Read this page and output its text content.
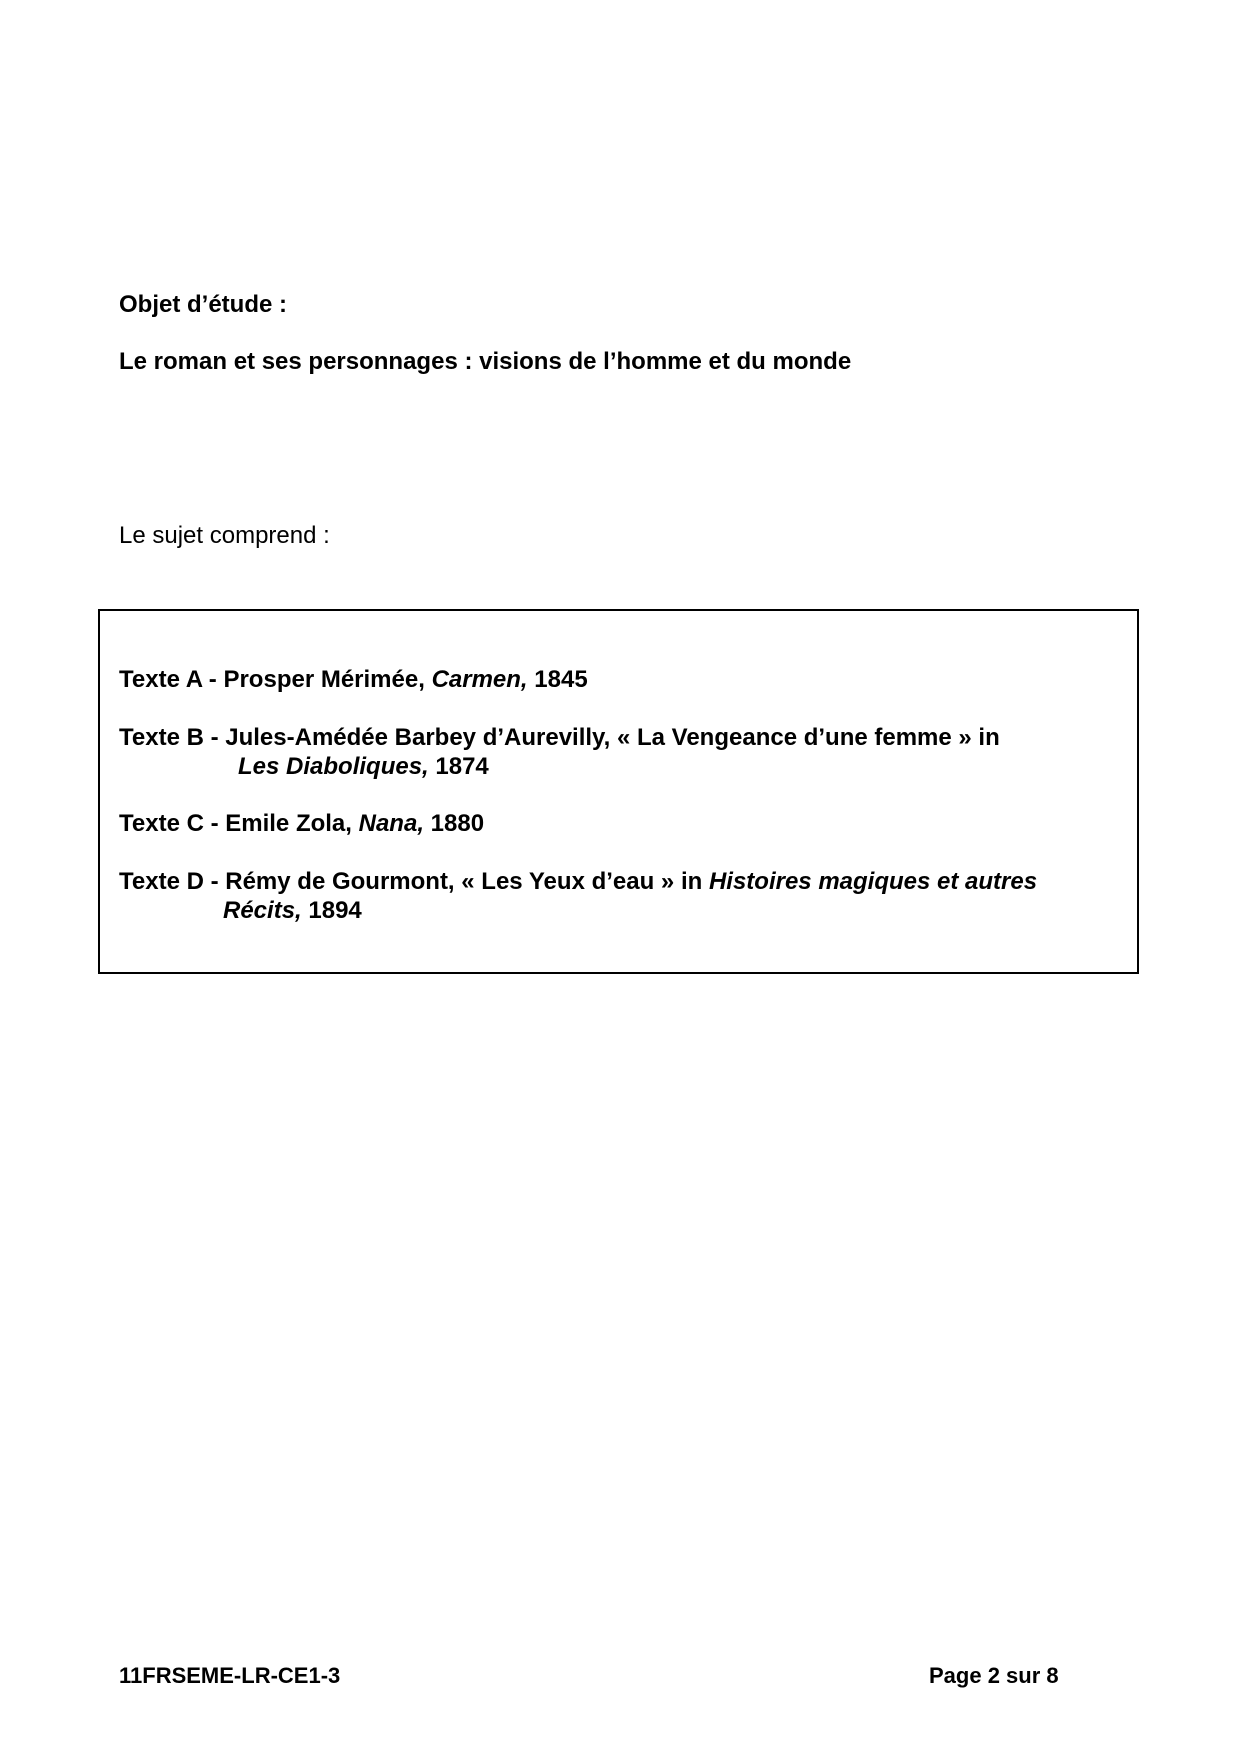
Objet d’étude :
Le roman et ses personnages : visions de l’homme et du monde
Le sujet comprend :
Texte A - Prosper Mérimée, Carmen, 1845
Texte B - Jules-Amédée Barbey d’Aurevilly, « La Vengeance d’une femme » in
Les Diaboliques, 1874
Texte C - Emile Zola, Nana, 1880
Texte D - Rémy de Gourmont, « Les Yeux d’eau » in Histoires magiques et autres
Récits, 1894
11FRSEME-LR-CE1-3	Page 2 sur 8
